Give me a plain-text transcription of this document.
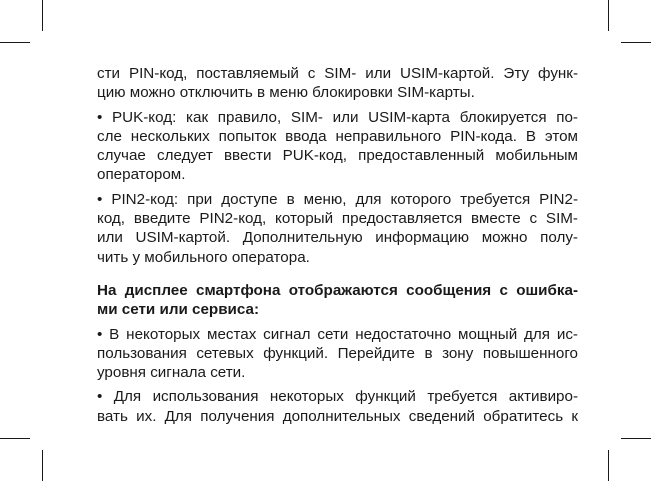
сти PIN-код, поставляемый с SIM- или USIM-картой. Эту функ-
цию можно отключить в меню блокировки SIM-карты.
• PUK-код: как правило, SIM- или USIM-карта блокируется по-
сле нескольких попыток ввода неправильного PIN-кода. В этом
случае следует ввести PUK-код, предоставленный мобильным
оператором.
• PIN2-код: при доступе в меню, для которого требуется PIN2-
код, введите PIN2-код, который предоставляется вместе с SIM-
или USIM-картой. Дополнительную информацию можно полу-
чить у мобильного оператора.
На дисплее смартфона отображаются сообщения с ошибка-
ми сети или сервиса:
• В некоторых местах сигнал сети недостаточно мощный для ис-
пользования сетевых функций. Перейдите в зону повышенного
уровня сигнала сети.
• Для использования некоторых функций требуется активиро-
вать их. Для получения дополнительных сведений обратитесь к
